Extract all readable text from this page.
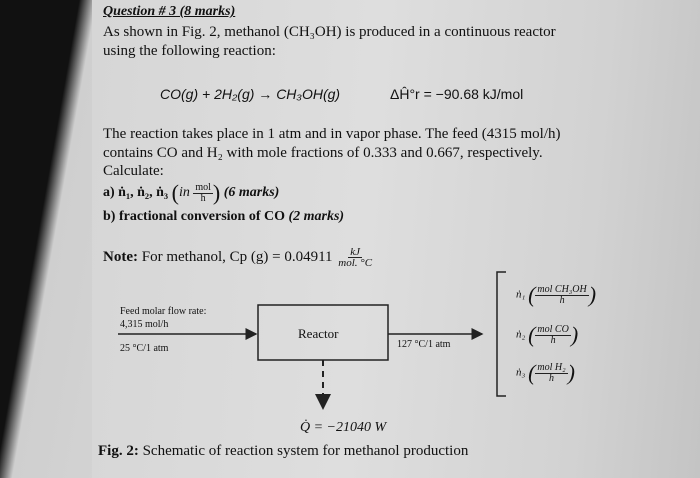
Question # 3 (8 marks)
As shown in Fig. 2, methanol (CH₃OH) is produced in a continuous reactor
using the following reaction:
CO(g) + 2H₂(g) → CH₃OH(g)	ΔĤ°r = −90.68 kJ/mol
The reaction takes place in 1 atm and in vapor phase. The feed (4315 mol/h)
contains CO and H₂ with mole fractions of 0.333 and 0.667, respectively.
Calculate:
a) ṅ₁, ṅ₂, ṅ₃ ($in \frac{\text{mol}}{h}$ ) (6 marks)
b) fractional conversion of CO (2 marks)
Note: For methanol, Cp $(g) = 0.04911 \frac{kJ}{\text{mol. °C}}$
Feed molar flow rate:
4,315 mol/h
25 °C/1 atm
Reactor
127 °C/1 atm
ṅ₁ ( $\frac{\text{mol CH₃OH}}{h}$ )
ṅ₂ ( $\frac{\text{mol CO}}{h}$ )
ṅ₃ ( $\frac{\text{mol H₂}}{h}$ )
Q̇ = −21040 W
Fig. 2: Schematic of reaction system for methanol production
